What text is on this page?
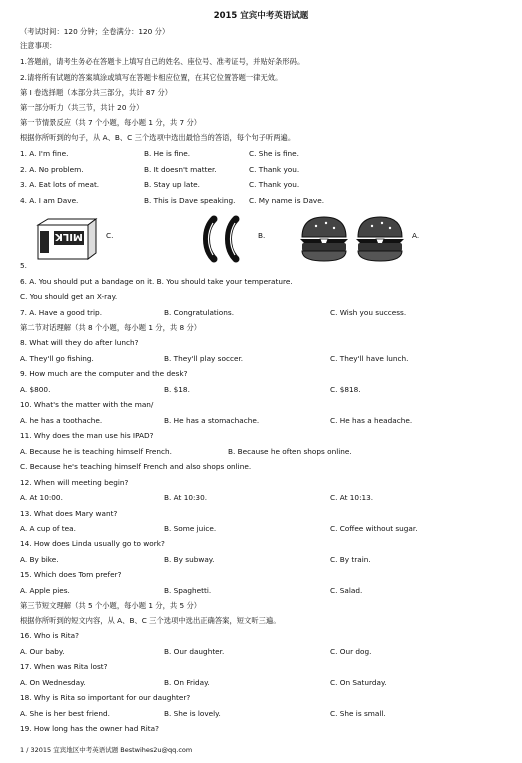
2015 宜宾中考英语试题
（考试时间：120 分钟；全卷满分：120 分）
注意事项：
1.答题前，请考生务必在答题卡上填写自己的姓名、座位号、准考证号，并贴好条形码。
2.请将所有试题的答案填涂或填写在答题卡相应位置，在其它位置答题一律无效。
第 I 卷选择题（本部分共三部分，共计 87 分）
第一部分听力（共三节，共计 20 分）
第一节情景反应（共 7 个小题，每小题 1 分，共 7 分）
根据你所听到的句子，从 A、B、C 三个选项中选出最恰当的答语，每个句子听两遍。
1. A. I'm fine.	B. He is fine.	C. She is fine.
2. A. No problem.	B. It doesn't matter.	C. Thank you.
3. A. Eat lots of meat.	B. Stay up late.	C. Thank you.
4. A. I am Dave.	B. This is Dave speaking. C. My name is Dave.
MILK	C.	B.	A.
5.
6. A. You should put a bandage on it. B. You should take your temperature.
C. You should get an X-ray.
7. A. Have a good trip.	B. Congratulations.	C. Wish you success.
第二节对话理解（共 8 个小题，每小题 1 分，共 8 分）
8. What will they do after lunch?
A. They'll go fishing.	B. They'll play soccer.	C. They'll have lunch.
9. How much are the computer and the desk?
A. $800.	B. $18.	C. $818.
10. What's the matter with the man/
A. he has a toothache.	B. He has a stomachache.	C. He has a headache.
11. Why does the man use his IPAD?
A. Because he is teaching himself French.	B. Because he often shops online.
C. Because he's teaching himself French and also shops online.
12. When will meeting begin?
A. At 10:00.	B. At 10:30.	C. At 10:13.
13. What does Mary want?
A. A cup of tea.	B. Some juice.	C. Coffee without sugar.
14. How does Linda usually go to work?
A. By bike.	B. By subway.	C. By train.
15. Which does Tom prefer?
A. Apple pies.	B. Spaghetti.	C. Salad.
第三节短文理解（共 5 个小题，每小题 1 分，共 5 分）
根据你所听到的短文内容，从 A、B、C 三个选项中选出正确答案，短文听三遍。
16. Who is Rita?
A. Our baby.	B. Our daughter.	C. Our dog.
17. When was Rita lost?
A. On Wednesday.	B. On Friday.	C. On Saturday.
18. Why is Rita so important for our daughter?
A. She is her best friend.	B. She is lovely.	C. She is small.
19. How long has the owner had Rita?
1 / 32015 宜宾地区中考英语试题 Bestwihes2u@qq.com
